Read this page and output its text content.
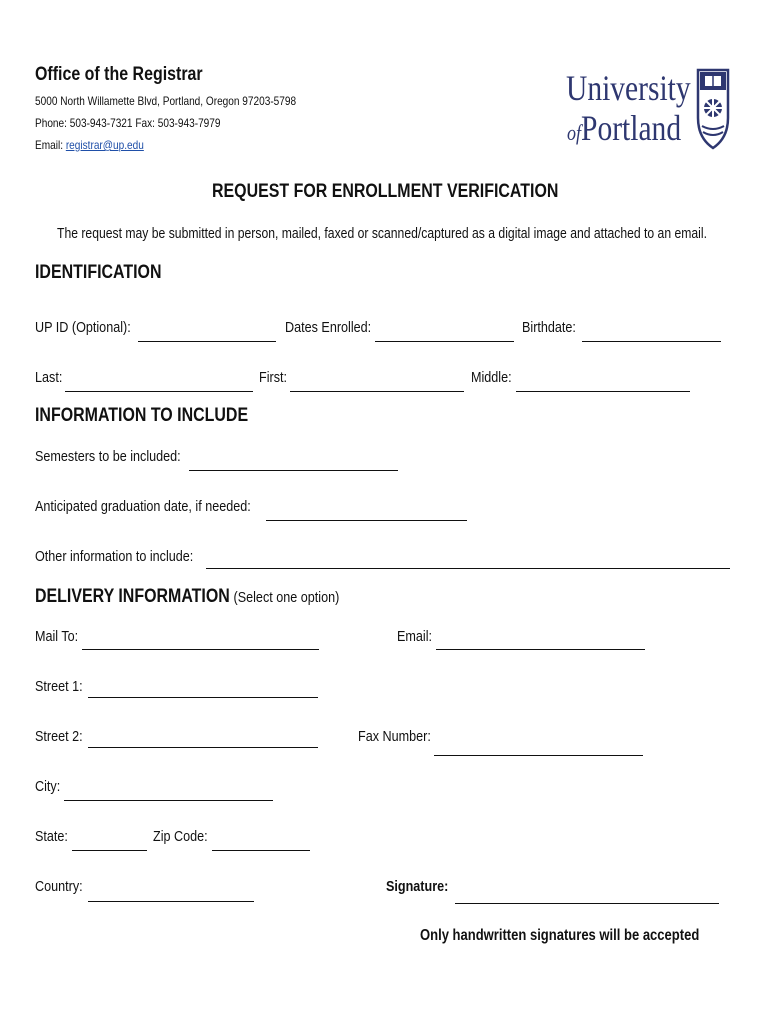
Office of the Registrar
5000 North Willamette Blvd, Portland, Oregon 97203-5798
Phone: 503-943-7321 Fax: 503-943-7979
Email: registrar@up.edu
University
ofPortland
REQUEST FOR ENROLLMENT VERIFICATION
The request may be submitted in person, mailed, faxed or scanned/captured as a digital image and attached to an email.
IDENTIFICATION
UP ID (Optional):	Dates Enrolled:	Birthdate:
Last:	First:	Middle:
INFORMATION TO INCLUDE
Semesters to be included:
Anticipated graduation date, if needed:
Other information to include:
DELIVERY INFORMATION (Select one option)
Mail To:	Email:
Street 1:
Street 2:	Fax Number:
City:
State:	Zip Code:
Country:	Signature:
Only handwritten signatures will be accepted
